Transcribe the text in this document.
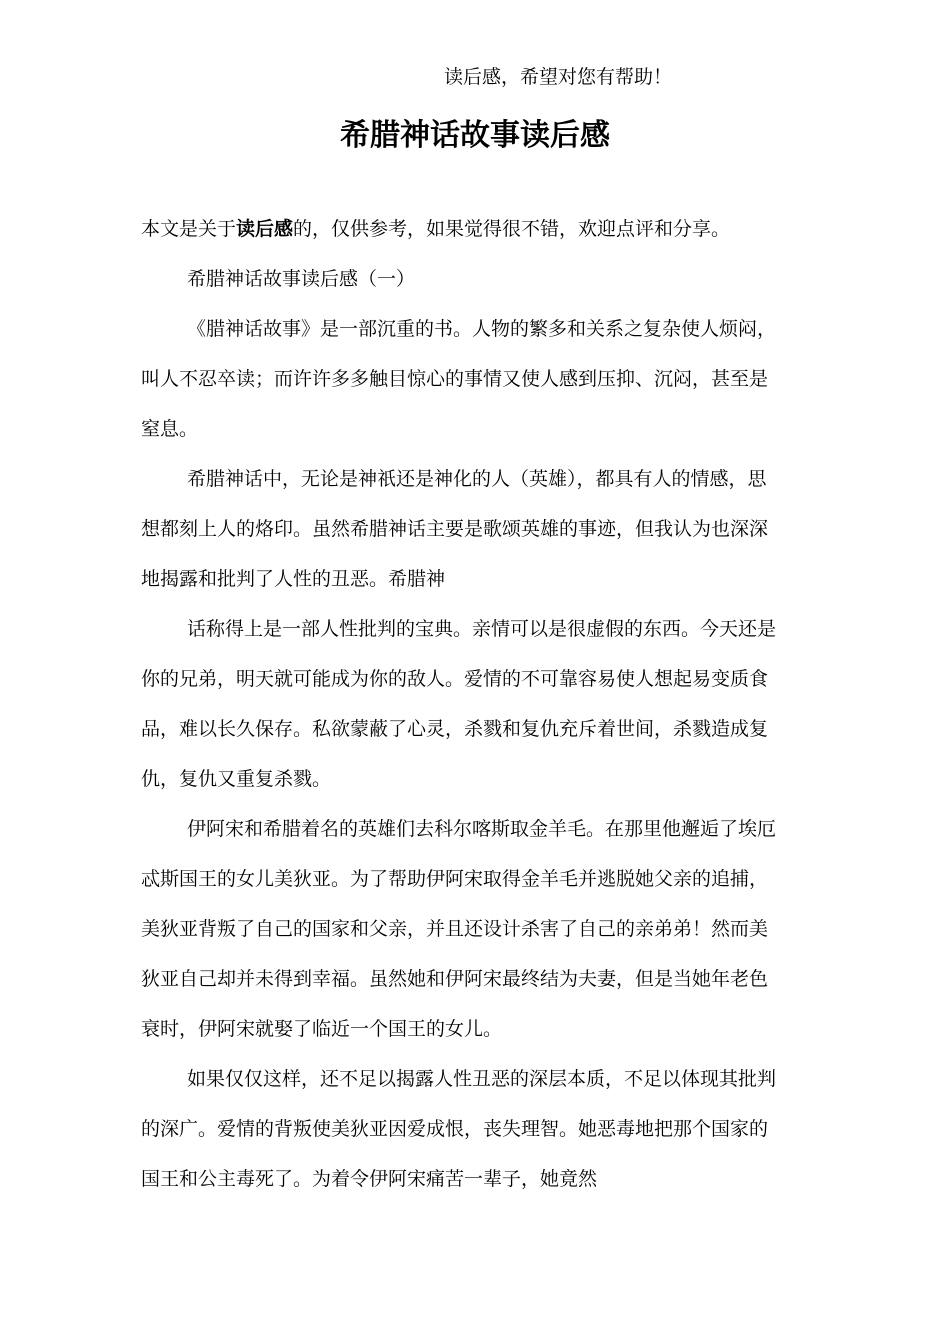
读后感，希望对您有帮助！
希腊神话故事读后感
本文是关于读后感的，仅供参考，如果觉得很不错，欢迎点评和分享。
希腊神话故事读后感（一）
《腊神话故事》是一部沉重的书。人物的繁多和关系之复杂使人烦闷，
叫人不忍卒读；而许许多多触目惊心的事情又使人感到压抑、沉闷，甚至是
窒息。
希腊神话中，无论是神祇还是神化的人（英雄），都具有人的情感，思
想都刻上人的烙印。虽然希腊神话主要是歌颂英雄的事迹，但我认为也深深
地揭露和批判了人性的丑恶。希腊神
话称得上是一部人性批判的宝典。亲情可以是很虚假的东西。今天还是
你的兄弟，明天就可能成为你的敌人。爱情的不可靠容易使人想起易变质食
品，难以长久保存。私欲蒙蔽了心灵，杀戮和复仇充斥着世间，杀戮造成复
仇，复仇又重复杀戮。
伊阿宋和希腊着名的英雄们去科尔喀斯取金羊毛。在那里他邂逅了埃厄
忒斯国王的女儿美狄亚。为了帮助伊阿宋取得金羊毛并逃脱她父亲的追捕，
美狄亚背叛了自己的国家和父亲，并且还设计杀害了自己的亲弟弟！然而美
狄亚自己却并未得到幸福。虽然她和伊阿宋最终结为夫妻，但是当她年老色
衰时，伊阿宋就娶了临近一个国王的女儿。
如果仅仅这样，还不足以揭露人性丑恶的深层本质，不足以体现其批判
的深广。爱情的背叛使美狄亚因爱成恨，丧失理智。她恶毒地把那个国家的
国王和公主毒死了。为着令伊阿宋痛苦一辈子，她竟然
